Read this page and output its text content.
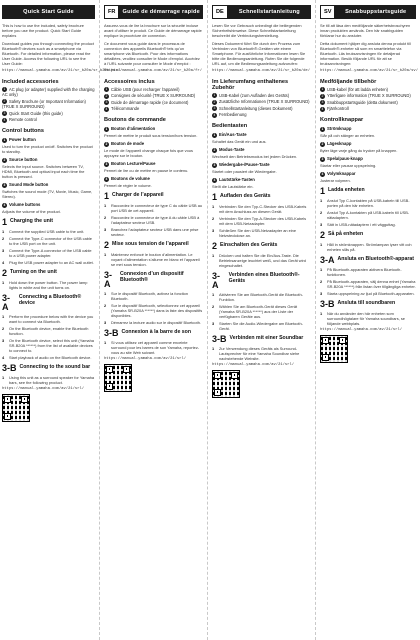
Quick Start Guide

This is how to use the included, safely brochure before you use the product. Quick Start Guide explains

Download guides you through connecting the product Bluetooth® devices such as a smartphone via Bluetooth. For detailed information, please read the User Guide. Access the following URL to see the User Guide:

https://manual.yamaha.com/av/21/sr_b20a/sr_b20a.html
Included accessories
1 AC plug (or adapter) supplied with the charging AC only)
2 Safety Brochure (or Important Information) (TRUE X SURROUND)
3 Quick Start Guide (this guide)
4 Remote control
Control buttons
1 Power button

Used to turn the product on/off. Switches the product to standby.

2 Source button

Selects the input source. Switches between TV, HDMI, Bluetooth and optical input each time the button is pressed.

3 Sound Mode button

Switches the sound mode (TV, Movie, Music, Game, Stereo).

4 Volume buttons

Adjusts the volume of the product.

1 Charging the unit
1 Connect the supplied USB cable to the unit.
2 Connect the Type-C connector of the USB cable to the USB port on the unit.
3 Connect the Type-A connector of the USB cable to a USB power adapter.
4 Plug the USB power adapter to an AC wall outlet.
2 Turning on the unit
1 Hold down the power button. The power lamp lights in white and the unit turns on.
3-A
Connecting a Bluetooth® device
1 Perform the procedure below with the device you want to connect via Bluetooth.
2 On the Bluetooth device, enable the Bluetooth function.
3 On the Bluetooth device, select this unit (Yamaha SR-B20A ******) from the list of available devices to connect to.
4 Start playback of audio on the Bluetooth device.
3-B Connecting to the sound bar
1 Using this unit as a surround speaker for Yamaha bars, see the following product.
https://manual.yamaha.com/av/21/srl/
FR	Guide de démarrage rapide

Assurez-vous de lire la brochure sur la sécurité incluse avant d’utiliser le produit. Ce Guide de démarrage rapide explique la procédure de connexion.

Ce document vous guide dans le processus de connexion des appareils Bluetooth® tels qu’un smartphone via Bluetooth. Pour des informations détaillées, veuillez consulter le Mode d’emploi. Accédez à l’URL suivante pour consulter le Mode d’emploi :

https://manual.yamaha.com/av/21/sr_b20a/fr/
Accessoires inclus
1 Câble USB (pour recharger l’appareil)
2 Consignes de sécurité (TRUE X SURROUND)
3 Guide de démarrage rapide (ce document)
4 Télécommande
Boutons de commande
1 Bouton d’alimentation

Permet de mettre le produit sous tension/hors tension.

2 Bouton de mode

Le mode de l’appareil change chaque fois que vous appuyez sur le bouton.

3 Bouton Lecture/Pause

Permet de lire ou de mettre en pause le contenu.

4 Boutons de volume

Permet de régler le volume.

1 Charger de l’appareil
1 Raccordez le connecteur de type C du câble USB au port USB de cet appareil.
2 Raccordez le connecteur de type A du câble USB à l’adaptateur secteur USB.
3 Branchez l’adaptateur secteur USB dans une prise secteur.
2 Mise sous tension de l’appareil
1 Maintenez enfoncé le bouton d’alimentation. Le voyant d’alimentation s’allume en blanc et l’appareil se met sous tension.
3-A
Connexion d’un dispositif Bluetooth®
1 Sur le dispositif Bluetooth, activez la fonction Bluetooth.
2 Sur le dispositif Bluetooth, sélectionnez cet appareil (Yamaha SR-B20A ******) dans la liste des dispositifs disponibles.
3 Démarrez la lecture audio sur le dispositif Bluetooth.
3-B Connexion à la barre de son
1 Si vous utilisez cet appareil comme enceinte surround pour les barres de son Yamaha, reportez-vous au site Web suivant.
https://manual.yamaha.com/av/21/srl/
DE	Schnellstartanleitung

Lesen Sie vor Gebrauch unbedingt die beiliegenden Sicherheitshinweise. Diese Schnellstartanleitung beschreibt die Verbindungsherstellung.

Dieses Dokument führt Sie durch den Prozess zum Verbinden von Bluetooth®-Geräten wie einem Smartphone. Für ausführliche Informationen lesen Sie bitte die Bedienungsanleitung. Rufen Sie die folgende URL auf, um die Bedienungsanleitung aufzurufen:

https://manual.yamaha.com/av/21/sr_b20a/de/
Im Lieferumfang enthaltenes Zubehör
1 USB-Kabel (zum Aufladen des Geräts)
2 Zusätzliche Informationen (TRUE X SURROUND)
3 Schnellstartanleitung (dieses Dokument)
4 Fernbedienung
Bedientasten
1 Ein/Aus-Taste

Schaltet das Gerät ein und aus.

2 Modus-Taste

Wechselt den Betriebsmodus bei jedem Drücken.

3 Wiedergabe-/Pause-Taste

Startet oder pausiert die Wiedergabe.

4 Lautstärke-Tasten

Stellt die Lautstärke ein.

1 Aufladen des Geräts
1 Verbinden Sie den Typ-C-Stecker des USB-Kabels mit dem Anschluss an diesem Gerät.
2 Verbinden Sie den Typ-A-Stecker des USB-Kabels mit dem USB-Netzadapter.
3 Schließen Sie den USB-Netzadapter an eine Netzsteckdose an.
2 Einschalten des Geräts
1 Drücken und halten Sie die Ein/Aus-Taste. Die Betriebsanzeige leuchtet weiß, und das Gerät wird eingeschaltet.
3-A
Verbinden eines Bluetooth®-Geräts
1 Aktivieren Sie am Bluetooth-Gerät die Bluetooth-Funktion.
2 Wählen Sie am Bluetooth-Gerät dieses Gerät (Yamaha SR-B20A ******) aus der Liste der verfügbaren Geräte aus.
3 Starten Sie die Audio-Wiedergabe am Bluetooth-Gerät.
3-B Verbinden mit einer Soundbar
1 Zur Verwendung dieses Geräts als Surround-Lautsprecher für eine Yamaha Soundbar siehe nachstehende Website.
https://manual.yamaha.com/av/21/srl/
SV	Snabbuppstartsguide

Se till att läsa den medföljande säkerhetsbroschyren innan produkten används. Den här snabbguiden förklarar hur du ansluter.

Detta dokument hjälper dig ansluta denna produkt till Bluetooth®-enheter så som en smarttelefon via Bluetooth. Läs bruksanvisningen för detaljerad information. Besök följande URL för att se bruksanvisningen:

https://manual.yamaha.com/av/21/sr_b20a/sv/
Medföljande tillbehör
1 USB-kabel (för att ladda enheten)
2 Ytterligare information (TRUE X SURROUND)
3 Snabbuppstartsguide (detta dokument)
4 Fjärrkontroll
Kontrollknappar
1 Strömknapp

Slår på och stänger av enheten.

2 Lägesknapp

Byter läge varje gång du trycker på knappen.

3 Spela/paus-knapp

Startar eller pausar uppspelning.

4 Volymknappar

Justerar volymen.

1 Ladda enheten
1 Anslut Typ C-kontakten på USB-kabeln till USB-porten på den här enheten.
2 Anslut Typ A-kontakten på USB-kabeln till USB-nätadaptern.
3 Sätt in USB-nätadaptern i ett vägguttag.
2 Så på enheten
1 Håll in strömknappen. Strömlampan lyser vitt och enheten slås på.
3-A Ansluta en Bluetooth®-apparat
1 På Bluetooth-apparaten aktivera Bluetooth-funktionen.
2 På Bluetooth-apparaten, välj denna enhet (Yamaha SR-B20A ******) från listan över tillgängliga enheter.
3 Starta uppspelning av ljud på Bluetooth-apparaten.
3-B Ansluta till soundbaren
1 När du använder den här enheten som surroundhögtalare för Yamaha soundbars, se följande webbplats.
https://manual.yamaha.com/av/21/srl/
